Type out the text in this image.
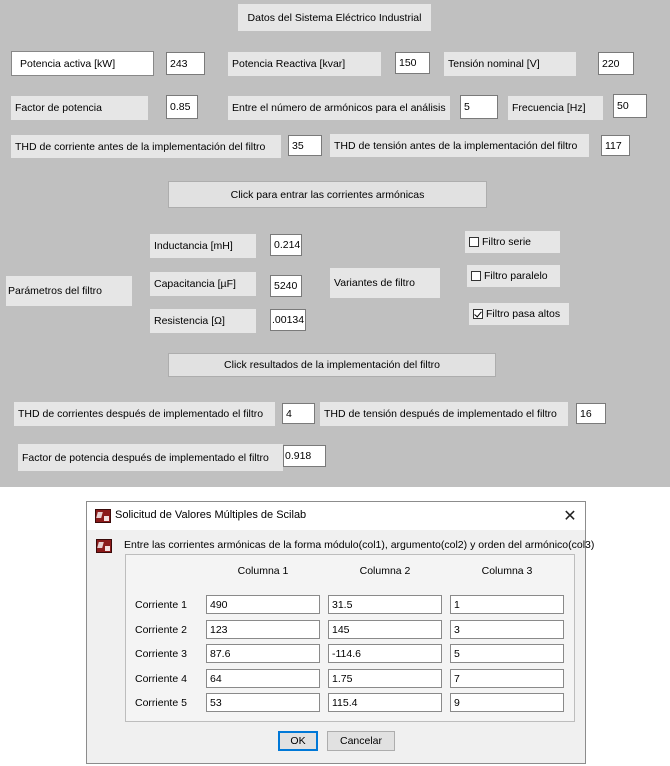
Datos del Sistema Eléctrico Industrial
Potencia activa [kW]	243	Potencia Reactiva [kvar]	150	Tensión nominal [V]	220
Factor de potencia	0.85	Entre el número de armónicos para el análisis	5	Frecuencia [Hz]	50
THD de corriente antes de la implementación del filtro	35	THD de tensión antes de la implementación del filtro	117
Click para entrar las corrientes armónicas
Parámetros del filtro
Inductancia [mH]	0.214
Capacitancia [µF]	5240
Resistencia [Ω]	.00134
Variantes de filtro
Filtro serie
Filtro paralelo
Filtro pasa altos
Click resultados de la implementación del filtro
THD de corrientes después de implementado el filtro	4	THD de tensión después de implementado el filtro	16
Factor de potencia después de implementado el filtro	0.918
Solicitud de Valores Múltiples de Scilab	✕
Entre las corrientes armónicas de la forma módulo(col1), argumento(col2) y orden del armónico(col3)
Columna 1	Columna 2	Columna 3
Corriente 1	490	31.5	1
Corriente 2	123	145	3
Corriente 3	87.6	-114.6	5
Corriente 4	64	1.75	7
Corriente 5	53	115.4	9
OK	Cancelar
